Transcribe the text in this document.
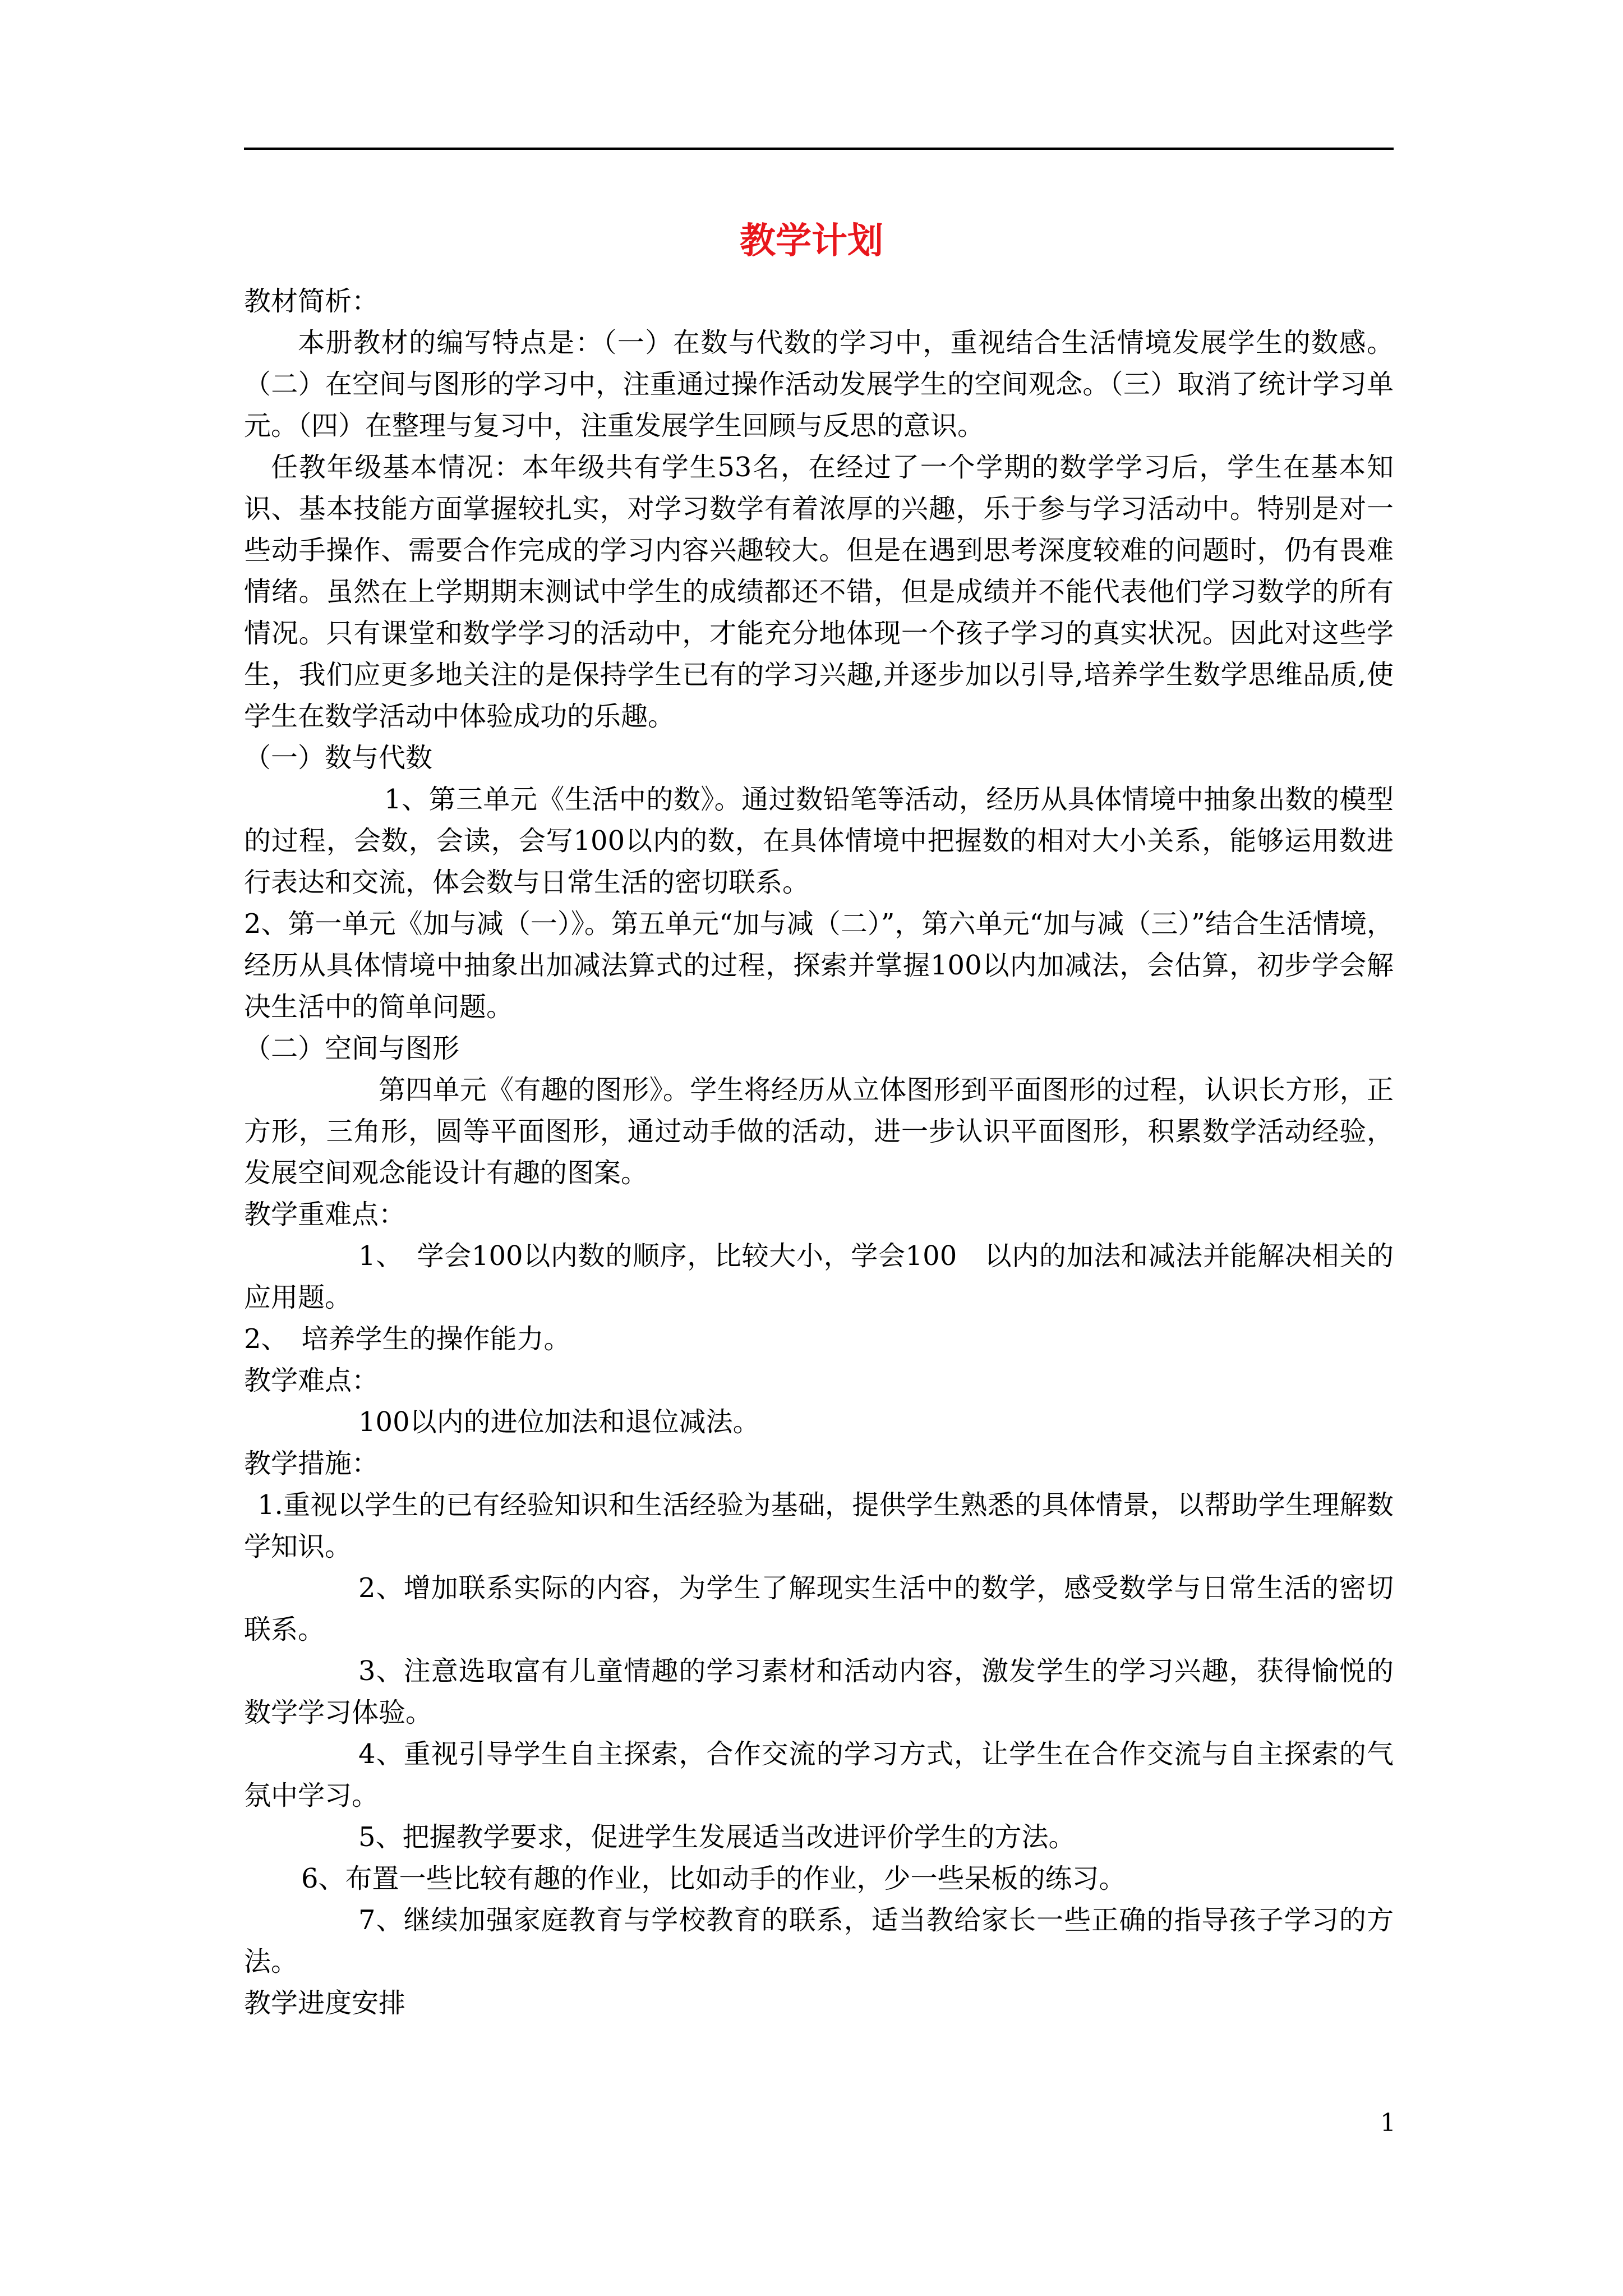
教学计划

教材简析：

本册教材的编写特点是：（一）在数与代数的学习中，重视结合生活情境发展学生的数感。（二）在空间与图形的学习中，注重通过操作活动发展学生的空间观念。（三）取消了统计学习单元。（四）在整理与复习中，注重发展学生回顾与反思的意识。

任教年级基本情况：本年级共有学生53名，在经过了一个学期的数学学习后，学生在基本知识、基本技能方面掌握较扎实，对学习数学有着浓厚的兴趣，乐于参与学习活动中。特别是对一些动手操作、需要合作完成的学习内容兴趣较大。但是在遇到思考深度较难的问题时，仍有畏难情绪。虽然在上学期期末测试中学生的成绩都还不错，但是成绩并不能代表他们学习数学的所有情况。只有课堂和数学学习的活动中，才能充分地体现一个孩子学习的真实状况。因此对这些学生，我们应更多地关注的是保持学生已有的学习兴趣,并逐步加以引导,培养学生数学思维品质,使学生在数学活动中体验成功的乐趣。

（一）数与代数

1、第三单元《生活中的数》。通过数铅笔等活动，经历从具体情境中抽象出数的模型的过程，会数，会读，会写100以内的数，在具体情境中把握数的相对大小关系，能够运用数进行表达和交流，体会数与日常生活的密切联系。

2、第一单元《加与减（一）》。第五单元“加与减（二）”，第六单元“加与减（三）”结合生活情境，经历从具体情境中抽象出加减法算式的过程，探索并掌握100以内加减法，会估算，初步学会解决生活中的简单问题。

（二）空间与图形

第四单元《有趣的图形》。学生将经历从立体图形到平面图形的过程，认识长方形，正方形，三角形，圆等平面图形，通过动手做的活动，进一步认识平面图形，积累数学活动经验，发展空间观念能设计有趣的图案。

教学重难点：

1、　学会100以内数的顺序，比较大小，学会100　以内的加法和减法并能解决相关的应用题。

2、　培养学生的操作能力。

教学难点：

100以内的进位加法和退位减法。

教学措施：

1.重视以学生的已有经验知识和生活经验为基础，提供学生熟悉的具体情景，以帮助学生理解数学知识。

2、增加联系实际的内容，为学生了解现实生活中的数学，感受数学与日常生活的密切联系。

3、注意选取富有儿童情趣的学习素材和活动内容，激发学生的学习兴趣，获得愉悦的数学学习体验。

4、重视引导学生自主探索，合作交流的学习方式，让学生在合作交流与自主探索的气氛中学习。

5、把握教学要求，促进学生发展适当改进评价学生的方法。

6、布置一些比较有趣的作业，比如动手的作业，少一些呆板的练习。

7、继续加强家庭教育与学校教育的联系，适当教给家长一些正确的指导孩子学习的方法。

教学进度安排

1
